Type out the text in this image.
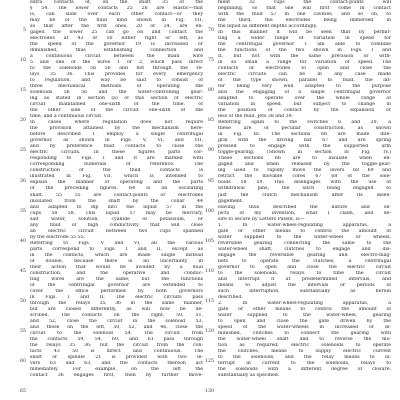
5
10
15
20
25
30
35
40
45
50
55
60
65
extra contacts of, on the shaft 35 of the
§ 54. The lower contacts 25 26 are elastic—that
is, can slide over each other contact—or they
may be of the fluid kind shown in Fig. VII,
so that after the first ones, 20 or 24, are en-
gaged the lower 25 can go on and contact the
electrodes at 43 or 50 either right or left, as
the speed of the governor 19 is increased or
diminished, thus establishing connection and
a continuous circuit between the main wire
5 and one of the wires 1 or 2, which pass direct
to the solenoids 56 56 and not through the re-
lays 35 36. This provides for every emergency
to regulation, and way be said to consist of
three mechanical methods of operating the
solenoids 56 56 and the water-controlling gear-
ing as stated in section (a) of this section of electric
circuit maintained one-sixth of the time, of
the other side of the circuit one-sixth of the
time, and a continuous circuit.
In cases where regulation does not require
the provision attained by the mechanism here-
before described I employ a single centrifugal
governor, as shown in Figs. V, VI, and VII,
and by preference fluid contacts to close the
electric circuits. In these figures parts cor-
responding to Figs. I and II are marked with
corresponding numerals of reference. The
construction of the fluid contacts is
illustrated in Fig. VII, which is intended to
explain the manner of operating and the parts
of the preceding figures. 64 is an oscillating
shaft. 55 55 are contact-points or electrodes
insulated from the shaft by the collar 44
and adapted to dip into the liquid 57 in the
cups 58 58. This liquid 57 may be mercury,
salt water, solution, cyanide of potassium, or
any fluid of high conductivity that will close
an electric circuit between two cups spanned
by the electrode 55 55.
Referring to Figs. V and VI, all the various
parts correspond to Figs. I and II, except as
in the contacts, which are made single instead
of double, because there is no uncertainty in
their action that would be avoided by a dual
construction, and the operative and conduc-
ting wires are the same; but the functions
of the centrifugal governor are extended to
cover the office performed by both governors
in Figs. I and II. The electric circuits pass
through the relays 35 36 in the same manner,
but are closed differently, as will now be de-
scribed. The contacts on the right, 50, 51,
and 52, close the circuit in the solenoid 53,
and those on the left, 50, 52, and 46, close the
circuit to the solenoid 54. The circuit from
the contacts 59, 54, 60, and 61 pass through
the relays 35 36; but the circuit from the con-
tacts 43 50 is direct and continuous. The
shaft or spindle 21 is provided with two le-
vers 63 and 63, and the contacts thereon act
mmediately. For example, on the left the
contact 36 engages first, then by further move-
70
75
80
85
90
95
100
105
110
115
120
125
130
ment 32 cups the contact-points will
beginning, so that one will first come in contact
with the fluid 57 in one cavities, and so on, to
the third, the electrodes being immersed in
the liquid as different depths accordingly.
In this manner it will be seen that by permit-
ting a wider range of variation in speed for
the centrifugal governor I am able to combine
the functions of the two shown in Figs. I and
II, but not with the same precision or with-
in so small a range for variation of speed. The
contacts or electrodes to open and close the
electric circuits can be in any case made
of the type shown, parallel to fluid, the lat-
ter being very well adapted to the purpose
and the engaging of a single centrifugal governor
adapted to operate over the whole range of
variation in speed, but subject to change in
the position of contact by the expansion or
less of the fluid. Jets 38 and 39.
Referring again to the switches 6 and 20, a
these are of peculiar construction, as shown
in Fig. III. The sections 66 are made inte-
gral with the driving bar 67 and are spring
pressed to engage with the supported arm
toggle-gearing. (Shown in section in Fig. IV.)
These sections 66 are to insulate when en-
gaged and when released by the toggle-gear-
ing used to rapidly move the levers 68 69 and
retract the movable cores 67 68 of the sole-
noids 58 59. This disengages with the use of
withdrawal pins, the latch being engaged to
just the clutch mechanism after its disen-
gagement.
Having thus described the nature and ob-
jects of my invention, what I claim, and de-
sire to secure by Letters Patent, is—
1. In water-wheel-regulating apparatus, a
gate or other means to control the amount of
water supplied to the water-wheel or wheels,
reversible gearing connecting the same to the
water-wheel shaft, clutches to engage and dis-
engage the reversible gearing and electro-mag-
nets to operate the clutches, a centrifugal
governor to open and close the electric circuit
to the solenoids, relays to time the circuit
and interrupt it at predetermined intervals, and
means to adjust the intervals or periods of
such interruption, substantially as herein
described.
2. In water-wheel-regulating apparatus, a
gate or other means to control the amount of
water supplied to the water-wheel, gearing
to open and close the gate driven by the
speed of the water-wheels in increased or di-
minished, clutches to connect the gearing with
the water-wheel shaft and to reverse the mo-
tion as required, electric solenoids to operate
the clutches, means to supply electric current
to the solenoids, and the relay means to in-
terrupt in current to the solenoids, relays to
the solenoids with a different degree of closure,
substantially as specified.
